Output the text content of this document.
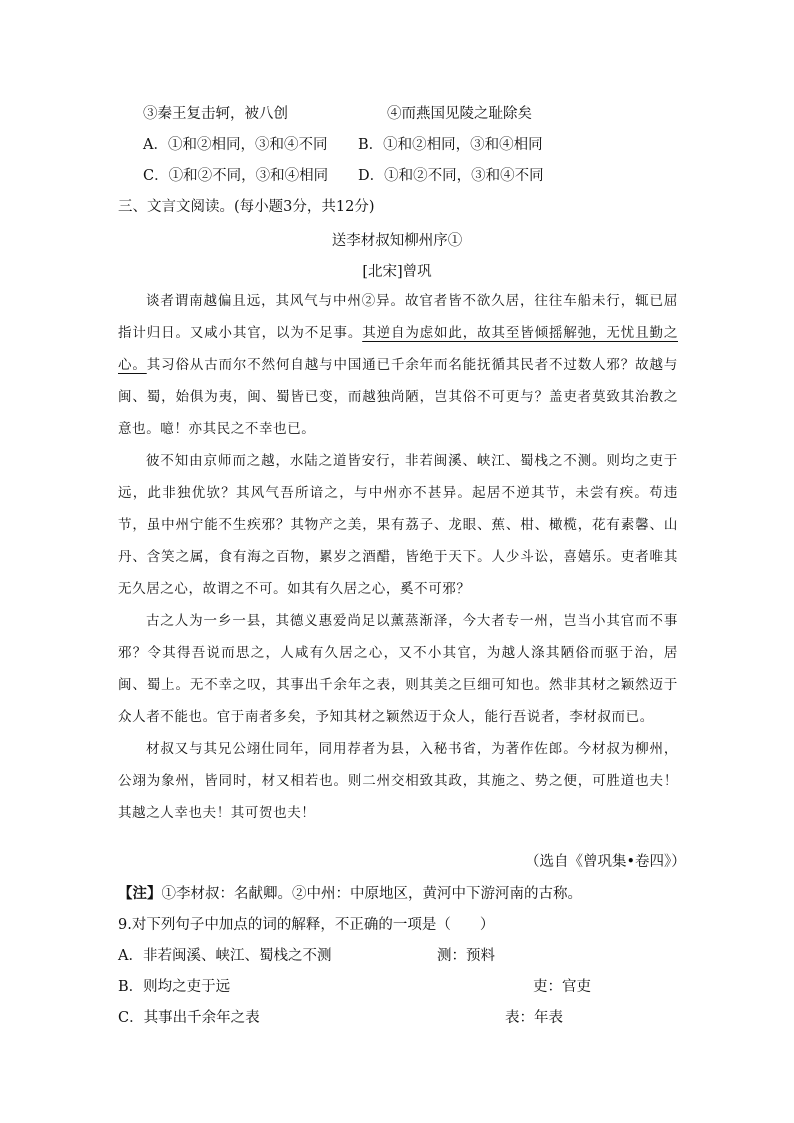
③秦王复击轲，被八创	④而燕国见陵之耻除矣
A．①和②相同，③和④不同 B．①和②相同，③和④相同
C．①和②不同，③和④相同 D．①和②不同，③和④不同
三、文言文阅读。(每小题3分，共12分)
送李材叔知柳州序①
[北宋]曾巩

谈者谓南越偏且远，其风气与中州②异。故官者皆不欲久居，往往车船未行，辄已屈指计归日。又咸小其官，以为不足事。其逆自为虑如此，故其至皆倾摇解弛，无忧且勤之心。其习俗从古而尔不然何自越与中国通已千余年而名能抚循其民者不过数人邪？故越与闽、蜀，始俱为夷，闽、蜀皆已变，而越独尚陋，岂其俗不可更与？盖吏者莫致其治教之意也。噫！亦其民之不幸也已。

彼不知由京师而之越，水陆之道皆安行，非若闽溪、峡江、蜀栈之不测。则均之吏于远，此非独优欤？其风气吾所谙之，与中州亦不甚异。起居不逆其节，未尝有疾。苟违节，虽中州宁能不生疾邪？其物产之美，果有荔子、龙眼、蕉、柑、橄榄，花有素馨、山丹、含笑之属，食有海之百物，累岁之酒醋，皆绝于天下。人少斗讼，喜嬉乐。吏者唯其无久居之心，故谓之不可。如其有久居之心，奚不可邪？

古之人为一乡一县，其德义惠爱尚足以薰蒸渐泽，今大者专一州，岂当小其官而不事邪？令其得吾说而思之，人咸有久居之心，又不小其官，为越人涤其陋俗而驱于治，居闽、蜀上。无不幸之叹，其事出千余年之表，则其美之巨细可知也。然非其材之颖然迈于众人者不能也。官于南者多矣，予知其材之颖然迈于众人，能行吾说者，李材叔而已。

材叔又与其兄公翊仕同年，同用荐者为县，入秘书省，为著作佐郎。今材叔为柳州，公翊为象州，皆同时，材又相若也。则二州交相致其政，其施之、势之便，可胜道也夫！其越之人幸也夫！其可贺也夫！

（选自《曾巩集•卷四》）
【注】①李材叔：名献卿。②中州：中原地区，黄河中下游河南的古称。
9.对下列句子中加点的词的解释，不正确的一项是（　　）
A．非若闽溪、峡江、蜀栈之不测	测：预料
B．则均之吏于远	吏：官吏
C．其事出千余年之表	表：年表
